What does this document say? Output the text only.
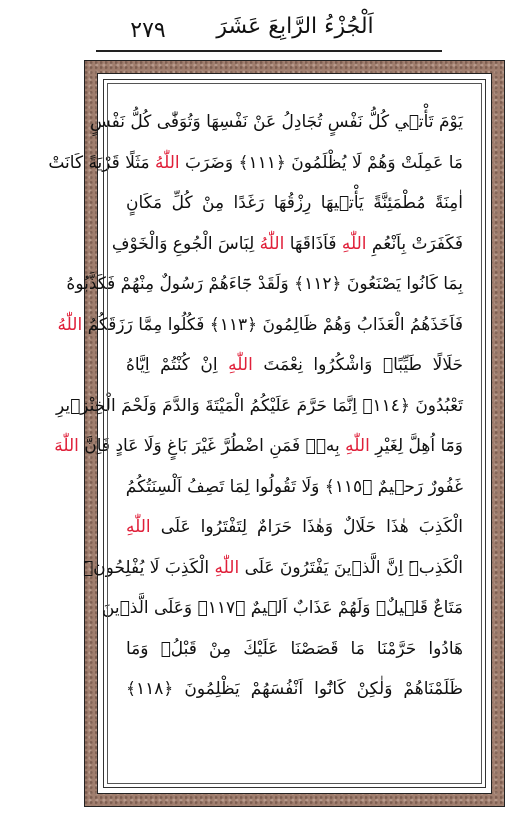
٢٧٩	اَلْجُزْءُ الرَّابِعَ عَشَرَ
يَوْمَ تَأْت۪ي كُلُّ نَفْسٍ تُجَادِلُ عَنْ نَفْسِهَا وَتُوَفّٰى كُلُّ نَفْسٍ
مَا عَمِلَتْ وَهُمْ لَا يُظْلَمُونَ ﴿١١١﴾ وَضَرَبَ اللّٰهُ مَثَلًا قَرْيَةً كَانَتْ
اٰمِنَةً مُطْمَئِنَّةً يَأْت۪يهَا رِزْقُهَا رَغَدًا مِنْ كُلِّ مَكَانٍ
فَكَفَرَتْ بِاَنْعُمِ اللّٰهِ فَاَذَاقَهَا اللّٰهُ لِبَاسَ الْجُوعِ وَالْخَوْفِ
بِمَا كَانُوا يَصْنَعُونَ ﴿١١٢﴾ وَلَقَدْ جَٓاءَهُمْ رَسُولٌ مِنْهُمْ فَكَذَّبُوهُ
فَاَخَذَهُمُ الْعَذَابُ وَهُمْ ظَالِمُونَ ﴿١١٣﴾ فَكُلُوا مِمَّا رَزَقَكُمُ اللّٰهُ
حَلَالًا طَيِّبًاۖ وَاشْكُرُوا نِعْمَتَ اللّٰهِ اِنْ كُنْتُمْ اِيَّاهُ
تَعْبُدُونَ ﴿١١٤﴾ اِنَّمَا حَرَّمَ عَلَيْكُمُ الْمَيْتَةَ وَالدَّمَ وَلَحْمَ الْخِنْز۪يرِ
وَمَٓا اُهِلَّ لِغَيْرِ اللّٰهِ بِه۪ۚ فَمَنِ اضْطُرَّ غَيْرَ بَاغٍ وَلَا عَادٍ فَاِنَّ اللّٰهَ
غَفُورٌ رَح۪يمٌ ﴿١١٥﴾ وَلَا تَقُولُوا لِمَا تَصِفُ اَلْسِنَتُكُمُ
الْكَذِبَ هٰذَا حَلَالٌ وَهٰذَا حَرَامٌ لِتَفْتَرُوا عَلَى اللّٰهِ
الْكَذِبَۜ اِنَّ الَّذ۪ينَ يَفْتَرُونَ عَلَى اللّٰهِ الْكَذِبَ لَا يُفْلِحُونَۜ
مَتَاعٌ قَل۪يلٌۖ وَلَهُمْ عَذَابٌ اَل۪يمٌ ﴿١١٧﴾ وَعَلَى الَّذ۪ينَ
هَادُوا حَرَّمْنَا مَا قَصَصْنَا عَلَيْكَ مِنْ قَبْلُۚ وَمَا
ظَلَمْنَاهُمْ وَلٰكِنْ كَانُٓوا اَنْفُسَهُمْ يَظْلِمُونَ ﴿١١٨﴾
